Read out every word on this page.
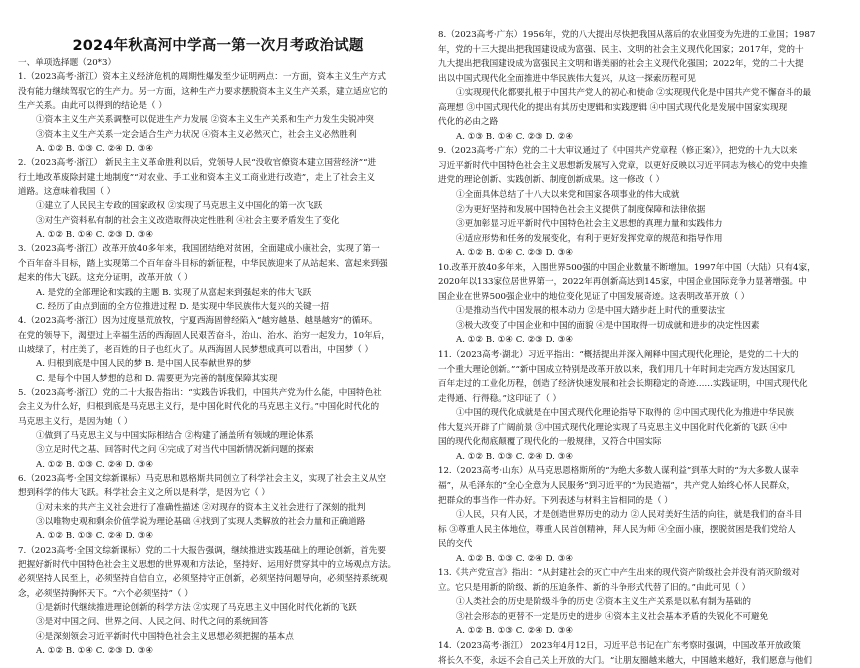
2024年秋高河中学高一第一次月考政治试题
一、单项选择题（20*3）
1.（2023高考·浙江）资本主义经济危机的周期性爆发至少证明两点：一方面，资本主义生产方式
没有能力继续驾驭它的生产力。另一方面，这种生产力要求摆脱资本主义生产关系，建立适应它的
生产关系。由此可以得到的结论是（ ）
①资本主义生产关系调整可以促进生产力发展 ②资本主义生产关系和生产力发生尖锐冲突
③资本主义生产关系一定会适合生产力状况 ④资本主义必然灭亡，社会主义必然胜利
A. ①② B. ①③ C. ②④ D. ③④
2.（2023高考·浙江） 新民主主义革命胜利以后，党领导人民“没收官僚资本建立国营经济”“进
行土地改革废除封建土地制度”“对农业、手工业和资本主义工商业进行改造”，走上了社会主义
道路。这意味着我国（ ）
①建立了人民民主专政的国家政权 ②实现了马克思主义中国化的第一次飞跃
③对生产资料私有制的社会主义改造取得决定性胜利 ④社会主要矛盾发生了变化
A. ①② B. ①④ C. ②③ D. ③④
3.（2023高考·浙江）改革开放40多年来，我国团结绝对贫困，全面建成小康社会，实现了第一
个百年奋斗目标，踏上实现第二个百年奋斗目标的新征程，中华民族迎来了从站起来、富起来到强
起来的伟大飞跃。这充分证明，改革开放（ ）
A. 是党的全部理论和实践的主题 B. 实现了从富起来到强起来的伟大飞跃
C. 经历了由点到面的全方位推进过程 D. 是实现中华民族伟大复兴的关键一招
4.（2023高考·浙江）因为过度垦荒放牧，宁夏西海固曾经陷入“越穷越垦、越垦越穷”的循环。
在党的领导下，渴望过上幸福生活的西海固人民艰苦奋斗，治山、治水、治穷一起发力，10年后，
山坡绿了，村庄美了，老百姓的日子也红火了。从西海固人民梦想成真可以看出，中国梦（ ）
A. 归根到底是中国人民的梦 B. 是中国人民奉献世界的梦
C. 是每个中国人梦想的总和 D. 需要更为完善的制度保障其实现
5.（2023高考·浙江）党的二十大报告指出：“实践告诉我们，中国共产党为什么能，中国特色社
会主义为什么好，归根到底是马克思主义行，是中国化时代化的马克思主义行。”中国化时代化的
马克思主义行，是因为她（ ）
①做到了马克思主义与中国实际相结合 ②构建了涵盖所有领域的理论体系
③立足时代之基、回答时代之问 ④完成了对当代中国新情况新问题的探索
A. ①② B. ①③ C. ②④ D. ③④
6.（2023高考·全国文综新课标）马克思和恩格斯共同创立了科学社会主义，实现了社会主义从空
想到科学的伟大飞跃。科学社会主义之所以是科学，是因为它（ ）
①对未来的共产主义社会进行了准确性描述 ②对现存的资本主义社会进行了深刻的批判
③以唯物史观和剩余价值学说为理论基础 ④找到了实现人类解放的社会力量和正确道路
A. ①② B. ①③ C. ②④ D. ③④
7.（2023高考·全国文综新课标）党的二十大报告强调，继续推进实践基础上的理论创新，首先要
把握好新时代中国特色社会主义思想的世界观和方法论，坚持好、运用好贯穿其中的立场观点方法。
必须坚持人民至上，必须坚持自信自立，必须坚持守正创新，必须坚持问题导向，必须坚持系统观
念，必须坚持胸怀天下。“六个必须坚持”（ ）
①是新时代继续推进理论创新的科学方法 ②实现了马克思主义中国化时代化新的飞跃
③是对中国之问、世界之问、人民之问、时代之问的系统回答
④是深刻领会习近平新时代中国特色社会主义思想必须把握的基本点
A. ①② B. ①④ C. ②③ D. ③④
8.（2023高考·广东）1956年，党的八大提出尽快把我国从落后的农业国变为先进的工业国；1987
年，党的十三大提出把我国建设成为富强、民主、文明的社会主义现代化国家；2017年，党的十
九大提出把我国建设成为富强民主文明和谐美丽的社会主义现代化强国；2022年，党的二十大提
出以中国式现代化全面推进中华民族伟大复兴，从这一探索历程可见
①实现现代化都要扎根于中国共产党人的初心和使命 ②实现现代化是中国共产党不懈奋斗的最
高理想 ③中国式现代化的提出有其历史逻辑和实践逻辑 ④中国式现代化是发展中国家实现现
代化的必由之路
A. ①③ B. ①④ C. ②③ D. ②④
9.（2023高考·广东）党的二十大审议通过了《中国共产党章程（修正案）》，把党的十九大以来
习近平新时代中国特色社会主义思想新发展写入党章，以更好反映以习近平同志为核心的党中央推
进党的理论创新、实践创新、制度创新成果。这一修改（ ）
①全面具体总结了十八大以来党和国家各项事业的伟大成就
②为更好坚持和发展中国特色社会主义提供了制度保障和法律依据
③更加彰显习近平新时代中国特色社会主义思想的真理力量和实践伟力
④适应形势和任务的发展变化，有利于更好发挥党章的规范和指导作用
A. ①② B. ①④ C. ②③ D. ③④
10.改革开放40多年来，入围世界500强的中国企业数量不断增加。1997年中国（大陆）只有4家，
2020年以133家位居世界第一，2022年再创新高达到145家，中国企业国际竞争力显著增强。中
国企业在世界500强企业中的地位变化见证了中国发展奇迹。这表明改革开放（ ）
①是推动当代中国发展的根本动力 ②是中国大踏步赶上时代的重要法宝
③极大改变了中国企业和中国的面貌 ④是中国取得一切成就和进步的决定性因素
A. ①② B. ①④ C. ②③ D. ③④
11.（2023高考·湖北）习近平指出：“概括提出并深入阐释中国式现代化理论，是党的二十大的
一个重大理论创新。”“新中国成立特别是改革开放以来，我们用几十年时间走完西方发达国家几
百年走过的工业化历程，创造了经济快速发展和社会长期稳定的奇迹……实践证明，中国式现代化
走得通、行得稳。”这印证了（ ）
①中国的现代化成就是在中国式现代化理论指导下取得的 ②中国式现代化为推进中华民族
伟大复兴开辟了广阔前景 ③中国式现代化理论实现了马克思主义中国化时代化新的飞跃 ④中
国的现代化彻底颠覆了现代化的一般规律，又符合中国实际
A. ①② B. ①③ C. ②④ D. ③④
12.（2023高考·山东）从马克思恩格斯所的“为绝大多数人谋利益”到革大时的“为大多数人谋幸
福”，从毛泽东的“全心全意为人民服务”到习近平的“为民造福”，共产党人始终心怀人民群众，
把群众的事当作一件办好。下列表述与材料主旨相同的是（ ）
①人民，只有人民，才是创造世界历史的动力 ②人民对美好生活的向往，就是我们的奋斗目
标 ③尊重人民主体地位，尊重人民首创精神，拜人民为师 ④全面小康，摆脱贫困是我们党给人
民的交代
A. ①② B. ①③ C. ②④ D. ③④
13.《共产党宣言》指出：“从封建社会的灭亡中产生出来的现代资产阶级社会并没有消灭阶级对
立。它只是用新的阶级、新的压迫条件、新的斗争形式代替了旧的。”由此可见（ ）
①人类社会的历史是阶级斗争的历史 ②资本主义生产关系是以私有制为基础的
③社会形态的更替不一定是历史的进步 ④资本主义社会基本矛盾的失锐化不可避免
A. ①② B. ①③ C. ②④ D. ③④
14.（2023高考·浙江） 2023年4月12日，习近平总书记在广东考察时强调，中国改革开放政策
将长久不变，永远不会自己关上开放的大门。“让朋友圈越来越大，中国越来越好，我们愿意与他们
